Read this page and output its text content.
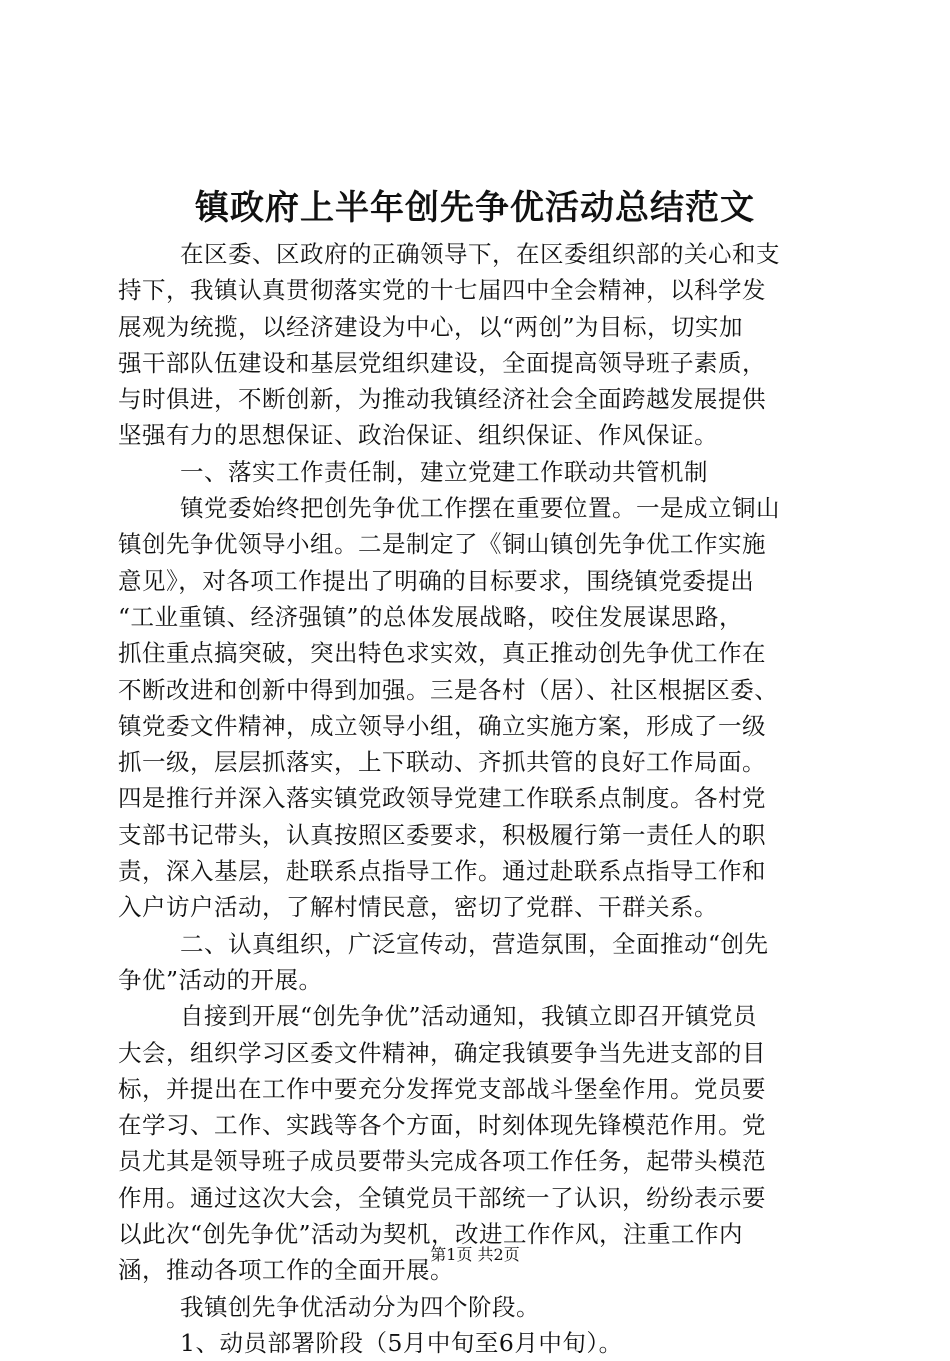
镇政府上半年创先争优活动总结范文
在区委、区政府的正确领导下，在区委组织部的关心和支
持下，我镇认真贯彻落实党的十七届四中全会精神，以科学发
展观为统揽，以经济建设为中心，以“两创”为目标，切实加
强干部队伍建设和基层党组织建设，全面提高领导班子素质，
与时俱进，不断创新，为推动我镇经济社会全面跨越发展提供
坚强有力的思想保证、政治保证、组织保证、作风保证。
一、落实工作责任制，建立党建工作联动共管机制
镇党委始终把创先争优工作摆在重要位置。一是成立铜山
镇创先争优领导小组。二是制定了《铜山镇创先争优工作实施
意见》，对各项工作提出了明确的目标要求，围绕镇党委提出
“工业重镇、经济强镇”的总体发展战略，咬住发展谋思路，
抓住重点搞突破，突出特色求实效，真正推动创先争优工作在
不断改进和创新中得到加强。三是各村（居）、社区根据区委、
镇党委文件精神，成立领导小组，确立实施方案，形成了一级
抓一级，层层抓落实，上下联动、齐抓共管的良好工作局面。
四是推行并深入落实镇党政领导党建工作联系点制度。各村党
支部书记带头，认真按照区委要求，积极履行第一责任人的职
责，深入基层，赴联系点指导工作。通过赴联系点指导工作和
入户访户活动，了解村情民意，密切了党群、干群关系。
二、认真组织，广泛宣传动，营造氛围，全面推动“创先
争优”活动的开展。
自接到开展“创先争优”活动通知，我镇立即召开镇党员
大会，组织学习区委文件精神，确定我镇要争当先进支部的目
标，并提出在工作中要充分发挥党支部战斗堡垒作用。党员要
在学习、工作、实践等各个方面，时刻体现先锋模范作用。党
员尤其是领导班子成员要带头完成各项工作任务，起带头模范
作用。通过这次大会，全镇党员干部统一了认识，纷纷表示要
以此次“创先争优”活动为契机，改进工作作风，注重工作内
涵，推动各项工作的全面开展。
我镇创先争优活动分为四个阶段。
1、动员部署阶段（5月中旬至6月中旬）。
第1页 共2页
